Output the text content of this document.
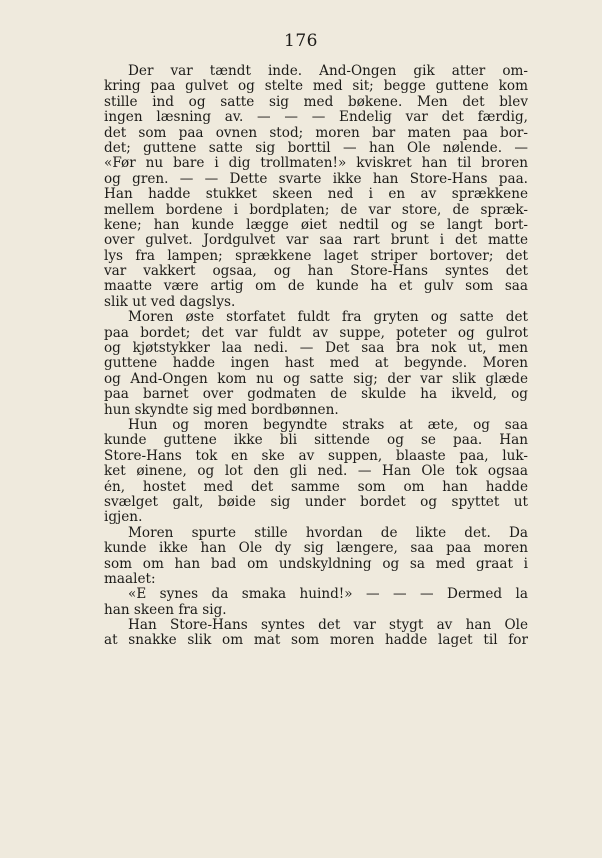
176
Der var tændt inde. And-Ongen gik atter om-
kring paa gulvet og stelte med sit; begge guttene kom
stille ind og satte sig med bøkene. Men det blev
ingen læsning av. — — — Endelig var det færdig,
det som paa ovnen stod; moren bar maten paa bor-
det; guttene satte sig borttil — han Ole nølende. —
«Før nu bare i dig trollmaten!» kviskret han til broren
og gren. — — Dette svarte ikke han Store-Hans paa.
Han hadde stukket skeen ned i en av sprækkene
mellem bordene i bordplaten; de var store, de spræk-
kene; han kunde lægge øiet nedtil og se langt bort-
over gulvet. Jordgulvet var saa rart brunt i det matte
lys fra lampen; sprækkene laget striper bortover; det
var vakkert ogsaa, og han Store-Hans syntes det
maatte være artig om de kunde ha et gulv som saa
slik ut ved dagslys.
Moren øste storfatet fuldt fra gryten og satte det
paa bordet; det var fuldt av suppe, poteter og gulrot
og kjøtstykker laa nedi. — Det saa bra nok ut, men
guttene hadde ingen hast med at begynde. Moren
og And-Ongen kom nu og satte sig; der var slik glæde
paa barnet over godmaten de skulde ha ikveld, og
hun skyndte sig med bordbønnen.
Hun og moren begyndte straks at æte, og saa
kunde guttene ikke bli sittende og se paa. Han
Store-Hans tok en ske av suppen, blaaste paa, luk-
ket øinene, og lot den gli ned. — Han Ole tok ogsaa
én, hostet med det samme som om han hadde
svælget galt, bøide sig under bordet og spyttet ut
igjen.
Moren spurte stille hvordan de likte det. Da
kunde ikke han Ole dy sig længere, saa paa moren
som om han bad om undskyldning og sa med graat i
maalet:
«E synes da smaka huind!» — — — Dermed la
han skeen fra sig.
Han Store-Hans syntes det var stygt av han Ole
at snakke slik om mat som moren hadde laget til for
